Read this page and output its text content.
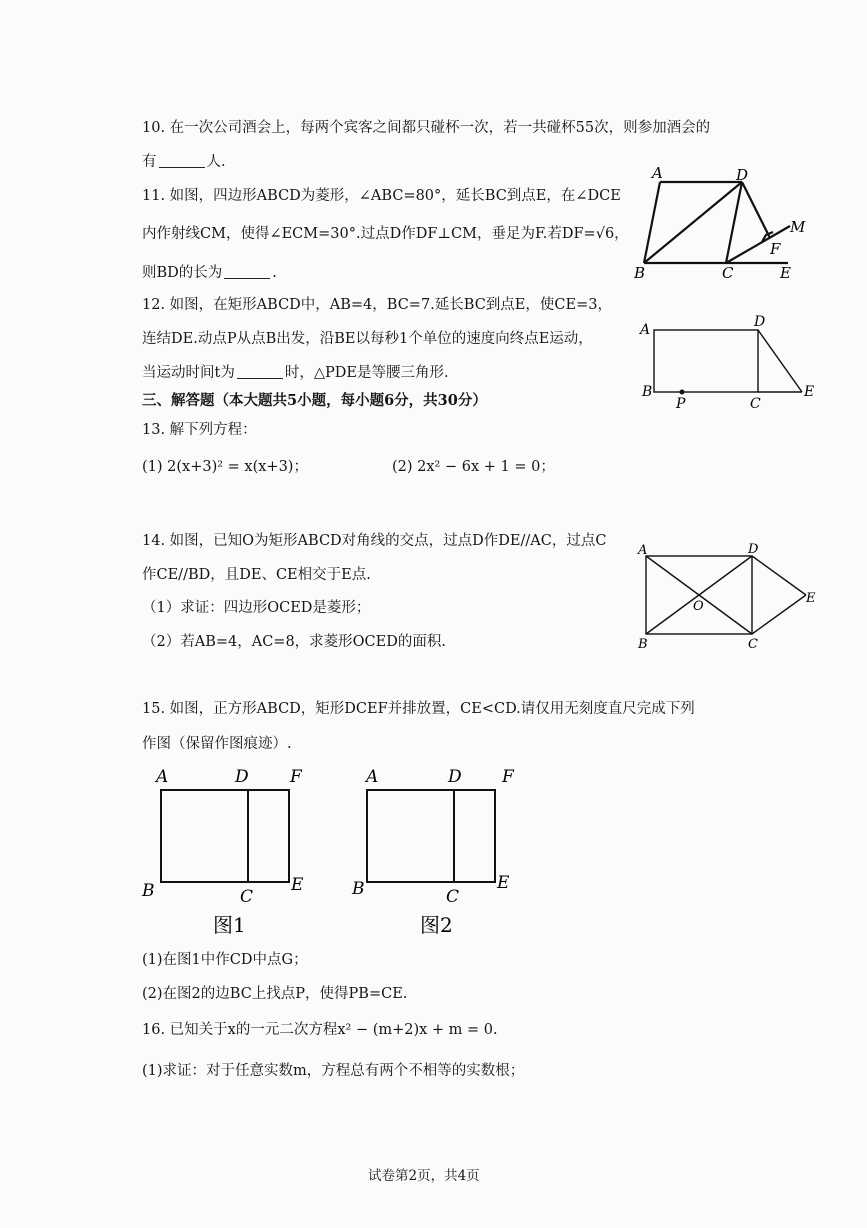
10. 在一次公司酒会上，每两个宾客之间都只碰杯一次，若一共碰杯55次，则参加酒会的
有	人.
11. 如图，四边形ABCD为菱形，∠ABC=80°，延长BC到点E，在∠DCE
内作射线CM，使得∠ECM=30°.过点D作DF⊥CM，垂足为F.若DF=√6，
则BD的长为	.
A	D
B	C	E
F
M
12. 如图，在矩形ABCD中，AB=4，BC=7.延长BC到点E，使CE=3，
连结DE.动点P从点B出发，沿BE以每秒1个单位的速度向终点E运动，
当运动时间t为	时，△PDE是等腰三角形.
A	D
B
P	C
E
三、解答题（本大题共5小题，每小题6分，共30分）
13. 解下列方程：
(1) 2(x+3)² = x(x+3)；	(2) 2x² − 6x + 1 = 0；
14. 如图，已知O为矩形ABCD对角线的交点，过点D作DE//AC，过点C
作CE//BD，且DE、CE相交于E点.
（1）求证：四边形OCED是菱形；
（2）若AB=4，AC=8，求菱形OCED的面积.
A	D
B	C
O
E
15. 如图，正方形ABCD，矩形DCEF并排放置，CE<CD.请仅用无刻度直尺完成下列
作图（保留作图痕迹）.
A	D F
B	C
E
图1
A	D F
B	C
E
图2
(1)在图1中作CD中点G；
(2)在图2的边BC上找点P，使得PB=CE.
16. 已知关于x的一元二次方程x² − (m+2)x + m = 0.
(1)求证：对于任意实数m，方程总有两个不相等的实数根；
试卷第2页，共4页
